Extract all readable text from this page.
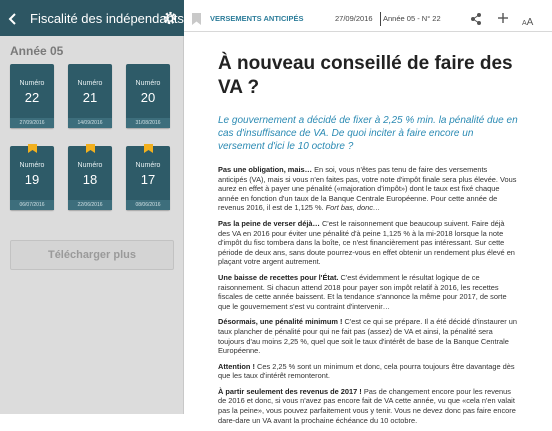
Fiscalité des indépendants
Année 05
Numéro
22
27/09/2016
Numéro
21
14/09/2016
Numéro
20
31/08/2016
Numéro
19
06/07/2016
Numéro
18
22/06/2016
Numéro
17
08/06/2016
Télécharger plus
VERSEMENTS ANTICIPÉS	27/09/2016	Année 05 - N° 22
AA
À nouveau conseillé de faire des VA ?

Le gouvernement a décidé de fixer à 2,25 % min. la pénalité due en cas d'insuffisance de VA. De quoi inciter à faire encore un versement d'ici le 10 octobre ?

Pas une obligation, mais… En soi, vous n'êtes pas tenu de faire des versements anticipés (VA), mais si vous n'en faites pas, votre note d'impôt finale sera plus élevée. Vous aurez en effet à payer une pénalité («majoration d'impôt») dont le taux est fixé chaque année en fonction d'un taux de la Banque Centrale Européenne. Pour cette année de revenus 2016, il est de 1,125 %. Fort bas, donc…

Pas la peine de verser déjà… C'est le raisonnement que beaucoup suivent. Faire déjà des VA en 2016 pour éviter une pénalité d'à peine 1,125 % à la mi-2018 lorsque la note d'impôt du fisc tombera dans la boîte, ce n'est financièrement pas intéressant. Sur cette période de deux ans, sans doute pourrez-vous en effet obtenir un rendement plus élevé en plaçant votre argent autrement.

Une baisse de recettes pour l'État. C'est évidemment le résultat logique de ce raisonnement. Si chacun attend 2018 pour payer son impôt relatif à 2016, les recettes fiscales de cette année baissent. Et la tendance s'annonce la même pour 2017, de sorte que le gouvernement s'est vu contraint d'intervenir…

Désormais, une pénalité minimum ! C'est ce qui se prépare. Il a été décidé d'instaurer un taux plancher de pénalité pour qui ne fait pas (assez) de VA et ainsi, la pénalité sera toujours d'au moins 2,25 %, quel que soit le taux d'intérêt de base de la Banque Centrale Européenne.

Attention ! Ces 2,25 % sont un minimum et donc, cela pourra toujours être davantage dès que les taux d'intérêt remonteront.

À partir seulement des revenus de 2017 ! Pas de changement encore pour les revenus de 2016 et donc, si vous n'avez pas encore fait de VA cette année, vu que «cela n'en valait pas la peine», vous pouvez parfaitement vous y tenir. Vous ne devez donc pas faire encore dare-dare un VA avant la prochaine échéance du 10 octobre.
